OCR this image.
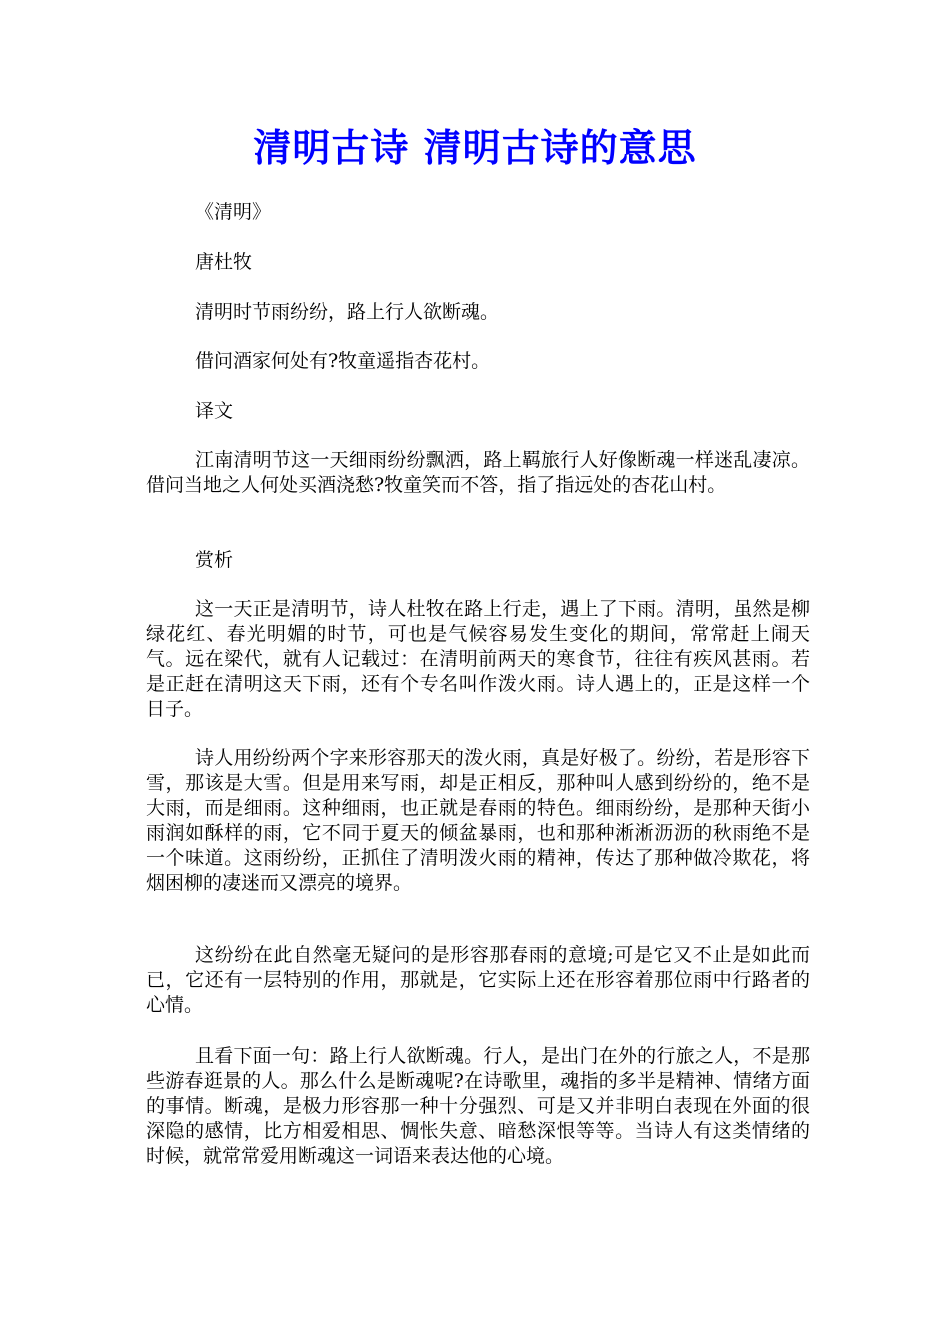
清明古诗 清明古诗的意思

《清明》

唐杜牧

清明时节雨纷纷，路上行人欲断魂。

借问酒家何处有?牧童遥指杏花村。

译文

江南清明节这一天细雨纷纷飘洒，路上羁旅行人好像断魂一样迷乱凄凉。借问当地之人何处买酒浇愁?牧童笑而不答，指了指远处的杏花山村。

赏析

这一天正是清明节，诗人杜牧在路上行走，遇上了下雨。清明，虽然是柳绿花红、春光明媚的时节，可也是气候容易发生变化的期间，常常赶上闹天气。远在梁代，就有人记载过：在清明前两天的寒食节，往往有疾风甚雨。若是正赶在清明这天下雨，还有个专名叫作泼火雨。诗人遇上的，正是这样一个日子。

诗人用纷纷两个字来形容那天的泼火雨，真是好极了。纷纷，若是形容下雪，那该是大雪。但是用来写雨，却是正相反，那种叫人感到纷纷的，绝不是大雨，而是细雨。这种细雨，也正就是春雨的特色。细雨纷纷，是那种天街小雨润如酥样的雨，它不同于夏天的倾盆暴雨，也和那种淅淅沥沥的秋雨绝不是一个味道。这雨纷纷，正抓住了清明泼火雨的精神，传达了那种做冷欺花，将烟困柳的凄迷而又漂亮的境界。

这纷纷在此自然毫无疑问的是形容那春雨的意境;可是它又不止是如此而已，它还有一层特别的作用，那就是，它实际上还在形容着那位雨中行路者的心情。

且看下面一句：路上行人欲断魂。行人，是出门在外的行旅之人，不是那些游春逛景的人。那么什么是断魂呢?在诗歌里，魂指的多半是精神、情绪方面的事情。断魂，是极力形容那一种十分强烈、可是又并非明白表现在外面的很深隐的感情，比方相爱相思、惆怅失意、暗愁深恨等等。当诗人有这类情绪的时候，就常常爱用断魂这一词语来表达他的心境。
